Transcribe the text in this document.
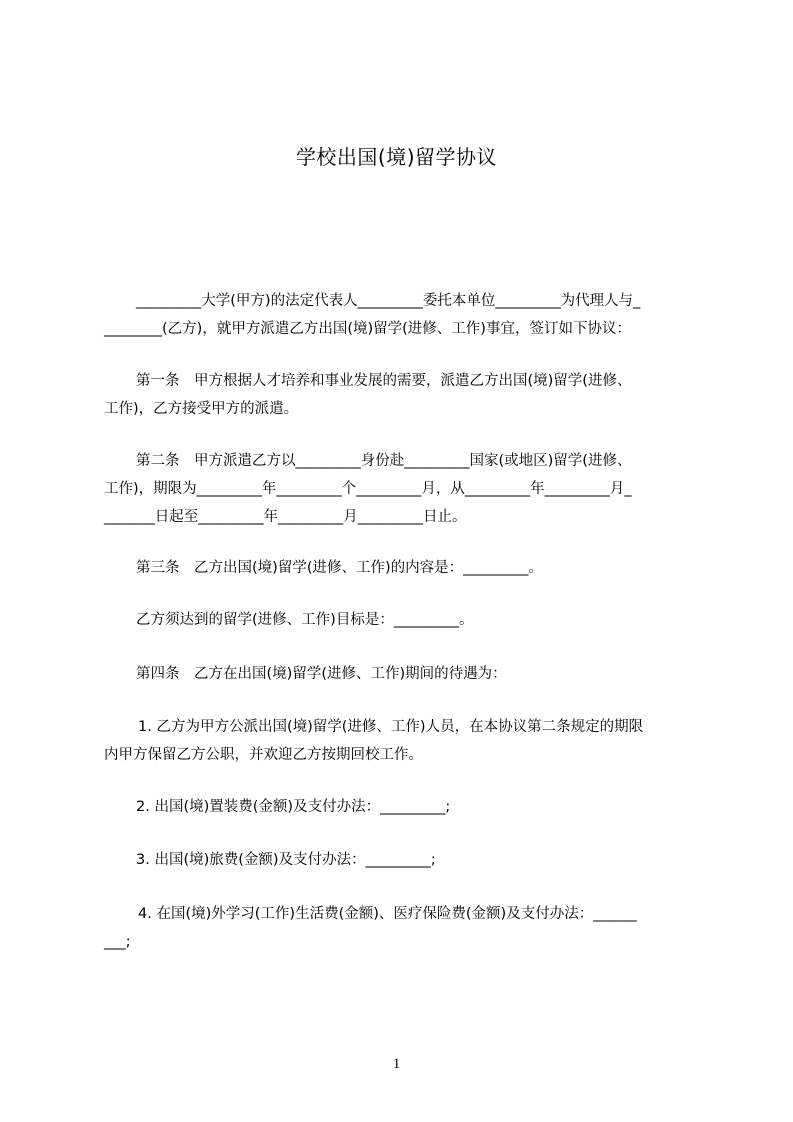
学校出国(境)留学协议
_________大学(甲方)的法定代表人_________委托本单位_________为代理人与_
________(乙方)，就甲方派遣乙方出国(境)留学(进修、工作)事宜，签订如下协议：
第一条　甲方根据人才培养和事业发展的需要，派遣乙方出国(境)留学(进修、
工作)，乙方接受甲方的派遣。
第二条　甲方派遣乙方以_________身份赴_________国家(或地区)留学(进修、
工作)，期限为_________年_________个_________月，从_________年_________月_
_______日起至_________年_________月_________日止。
第三条　乙方出国(境)留学(进修、工作)的内容是：_________。
乙方须达到的留学(进修、工作)目标是：_________。
第四条　乙方在出国(境)留学(进修、工作)期间的待遇为：
1. 乙方为甲方公派出国(境)留学(进修、工作)人员，在本协议第二条规定的期限
内甲方保留乙方公职，并欢迎乙方按期回校工作。
2. 出国(境)置装费(金额)及支付办法：_________;
3. 出国(境)旅费(金额)及支付办法：_________;
4. 在国(境)外学习(工作)生活费(金额)、医疗保险费(金额)及支付办法：______
___;
1
